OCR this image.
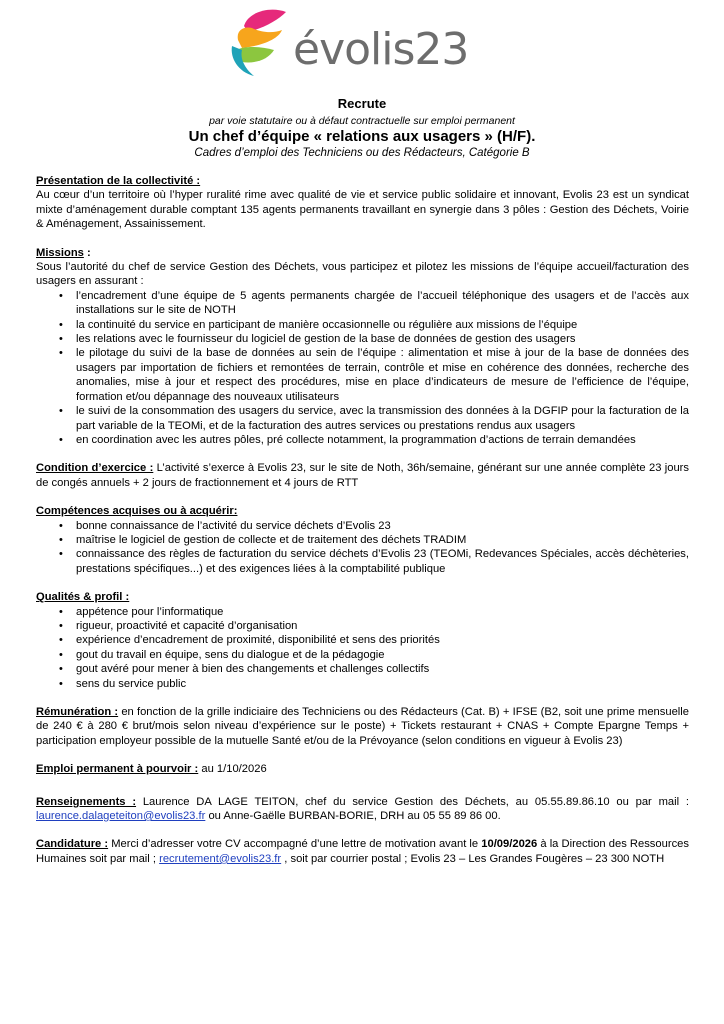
évolis23
Recrute
par voie statutaire ou à défaut contractuelle sur emploi permanent
Un chef d’équipe « relations aux usagers » (H/F).
Cadres d’emploi des Techniciens ou des Rédacteurs, Catégorie B
Présentation de la collectivité :
Au cœur d’un territoire où l’hyper ruralité rime avec qualité de vie et service public solidaire et innovant, Evolis 23 est un syndicat mixte d’aménagement durable comptant 135 agents permanents travaillant en synergie dans 3 pôles : Gestion des Déchets, Voirie & Aménagement, Assainissement.
Missions :
Sous l’autorité du chef de service Gestion des Déchets, vous participez et pilotez les missions de l’équipe accueil/facturation des usagers en assurant :
• l’encadrement d’une équipe de 5 agents permanents chargée de l’accueil téléphonique des usagers et de l’accès aux installations sur le site de NOTH
• la continuité du service en participant de manière occasionnelle ou régulière aux missions de l’équipe
• les relations avec le fournisseur du logiciel de gestion de la base de données de gestion des usagers
• le pilotage du suivi de la base de données au sein de l’équipe : alimentation et mise à jour de la base de données des usagers par importation de fichiers et remontées de terrain, contrôle et mise en cohérence des données, recherche des anomalies, mise à jour et respect des procédures, mise en place d’indicateurs de mesure de l’efficience de l’équipe, formation et/ou dépannage des nouveaux utilisateurs
• le suivi de la consommation des usagers du service, avec la transmission des données à la DGFIP pour la facturation de la part variable de la TEOMi, et de la facturation des autres services ou prestations rendus aux usagers
• en coordination avec les autres pôles, pré collecte notamment, la programmation d’actions de terrain demandées
Condition d’exercice : L’activité s’exerce à Evolis 23, sur le site de Noth, 36h/semaine, générant sur une année complète 23 jours de congés annuels + 2 jours de fractionnement et 4 jours de RTT
Compétences acquises ou à acquérir:
• bonne connaissance de l’activité du service déchets d’Evolis 23
• maîtrise le logiciel de gestion de collecte et de traitement des déchets TRADIM
• connaissance des règles de facturation du service déchets d’Evolis 23 (TEOMi, Redevances Spéciales, accès déchèteries, prestations spécifiques...) et des exigences liées à la comptabilité publique
Qualités & profil :
• appétence pour l’informatique
• rigueur, proactivité et capacité d’organisation
• expérience d’encadrement de proximité, disponibilité et sens des priorités
• gout du travail en équipe, sens du dialogue et de la pédagogie
• gout avéré pour mener à bien des changements et challenges collectifs
• sens du service public
Rémunération : en fonction de la grille indiciaire des Techniciens ou des Rédacteurs (Cat. B) + IFSE (B2, soit une prime mensuelle de 240 € à 280 € brut/mois selon niveau d’expérience sur le poste) + Tickets restaurant + CNAS + Compte Epargne Temps + participation employeur possible de la mutuelle Santé et/ou de la Prévoyance (selon conditions en vigueur à Evolis 23)
Emploi permanent à pourvoir : au 1/10/2026
Renseignements : Laurence DA LAGE TEITON, chef du service Gestion des Déchets, au 05.55.89.86.10 ou par mail : laurence.dalageteiton@evolis23.fr ou Anne-Gaëlle BURBAN-BORIE, DRH au 05 55 89 86 00.
Candidature : Merci d’adresser votre CV accompagné d’une lettre de motivation avant le 10/09/2026 à la Direction des Ressources Humaines soit par mail ; recrutement@evolis23.fr , soit par courrier postal ; Evolis 23 – Les Grandes Fougères – 23 300 NOTH
